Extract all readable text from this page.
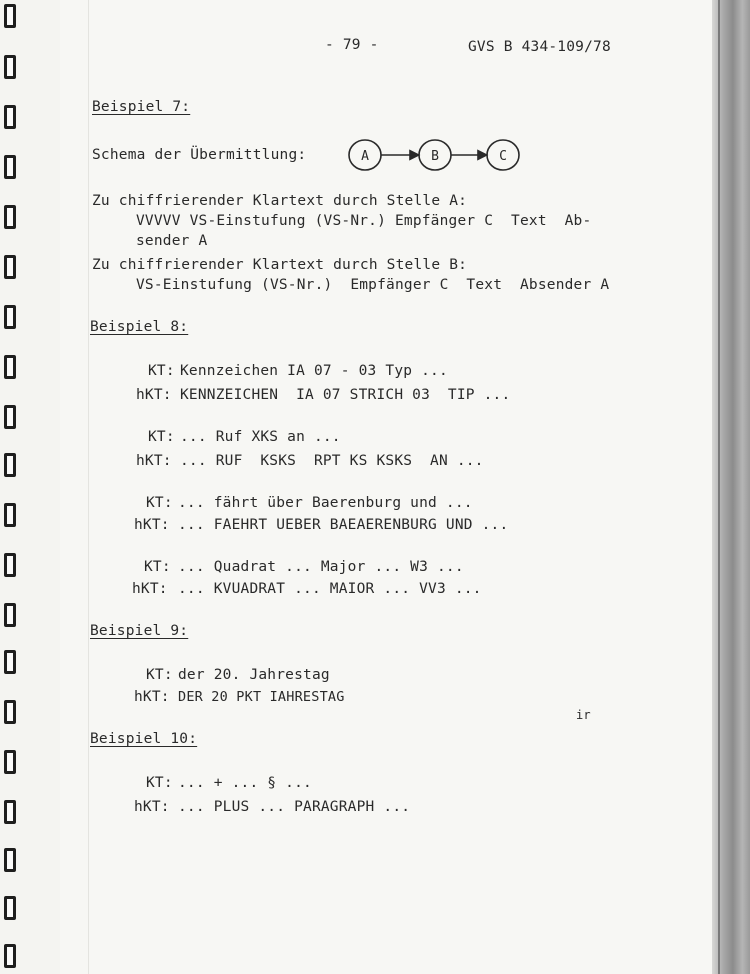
- 79 -	GVS B 434-109/78
Beispiel 7:
Schema der Übermittlung:	A	B	C
Zu chiffrierender Klartext durch Stelle A:
VVVVV VS-Einstufung (VS-Nr.) Empfänger C  Text  Ab-
sender A
Zu chiffrierender Klartext durch Stelle B:
VS-Einstufung (VS-Nr.)  Empfänger C  Text  Absender A
Beispiel 8:
KT: Kennzeichen IA 07 - 03 Typ ...
hKT: KENNZEICHEN  IA 07 STRICH 03  TIP ...
KT: ... Ruf XKS an ...
hKT: ... RUF  KSKS  RPT KS KSKS  AN ...
KT: ... fährt über Baerenburg und ...
hKT: ... FAEHRT UEBER BAEAERENBURG UND ...
KT: ... Quadrat ... Major ... W3 ...
hKT: ... KVUADRAT ... MAIOR ... VV3 ...
Beispiel 9:
KT: der 20. Jahrestag
hKT: DER 20 PKT IAHRESTAG
ir
Beispiel 10:
KT: ... + ... § ...
hKT: ... PLUS ... PARAGRAPH ...
